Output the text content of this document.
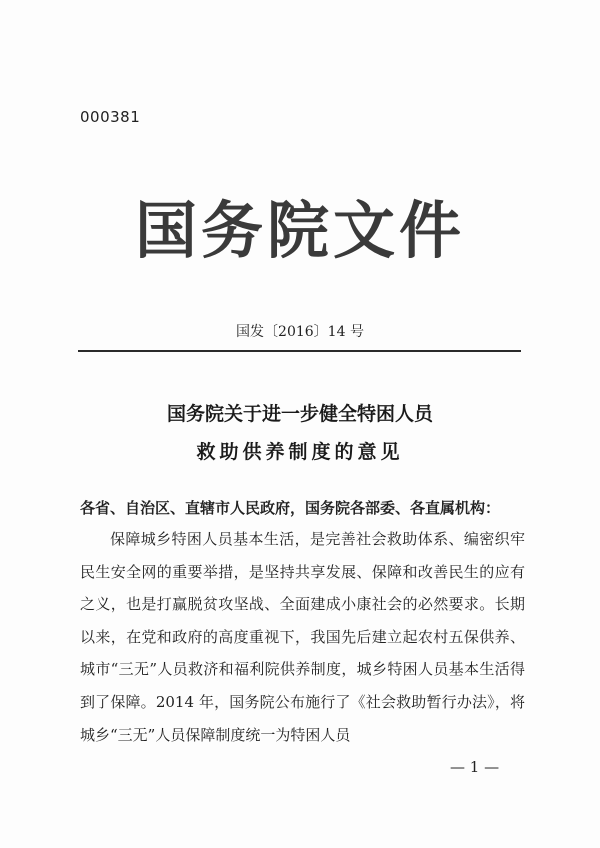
000381
国务院文件
国发〔2016〕14 号
国务院关于进一步健全特困人员
救助供养制度的意见
各省、自治区、直辖市人民政府，国务院各部委、各直属机构：
保障城乡特困人员基本生活，是完善社会救助体系、编密织牢民生安全网的重要举措，是坚持共享发展、保障和改善民生的应有之义，也是打赢脱贫攻坚战、全面建成小康社会的必然要求。长期以来，在党和政府的高度重视下，我国先后建立起农村五保供养、城市“三无”人员救济和福利院供养制度，城乡特困人员基本生活得到了保障。2014 年，国务院公布施行了《社会救助暂行办法》，将城乡“三无”人员保障制度统一为特困人员
— 1 —
